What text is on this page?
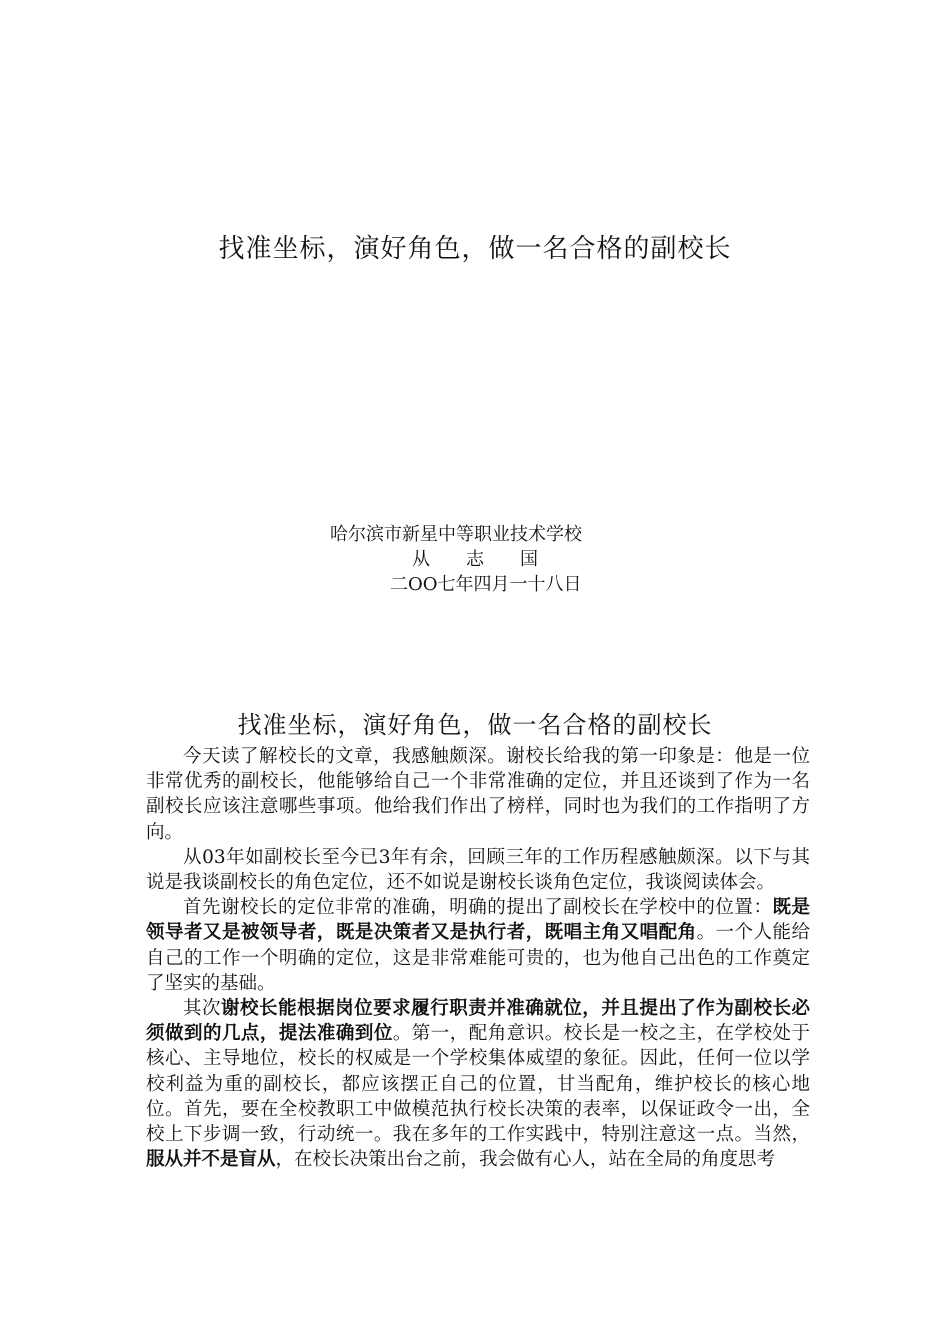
找准坐标，演好角色，做一名合格的副校长
哈尔滨市新星中等职业技术学校
从　　志　　国
二OO七年四月一十八日
找准坐标，演好角色，做一名合格的副校长

今天读了解校长的文章，我感触颇深。谢校长给我的第一印象是：他是一位非常优秀的副校长，他能够给自己一个非常准确的定位，并且还谈到了作为一名副校长应该注意哪些事项。他给我们作出了榜样，同时也为我们的工作指明了方向。

从03年如副校长至今已3年有余，回顾三年的工作历程感触颇深。以下与其说是我谈副校长的角色定位，还不如说是谢校长谈角色定位，我谈阅读体会。

首先谢校长的定位非常的准确，明确的提出了副校长在学校中的位置：既是领导者又是被领导者，既是决策者又是执行者，既唱主角又唱配角。一个人能给自己的工作一个明确的定位，这是非常难能可贵的，也为他自己出色的工作奠定了坚实的基础。

其次谢校长能根据岗位要求履行职责并准确就位，并且提出了作为副校长必须做到的几点，提法准确到位。第一，配角意识。校长是一校之主，在学校处于核心、主导地位，校长的权威是一个学校集体威望的象征。因此，任何一位以学校利益为重的副校长，都应该摆正自己的位置，甘当配角，维护校长的核心地位。首先，要在全校教职工中做模范执行校长决策的表率，以保证政令一出，全校上下步调一致，行动统一。我在多年的工作实践中，特别注意这一点。当然，服从并不是盲从，在校长决策出台之前，我会做有心人，站在全局的角度思考
